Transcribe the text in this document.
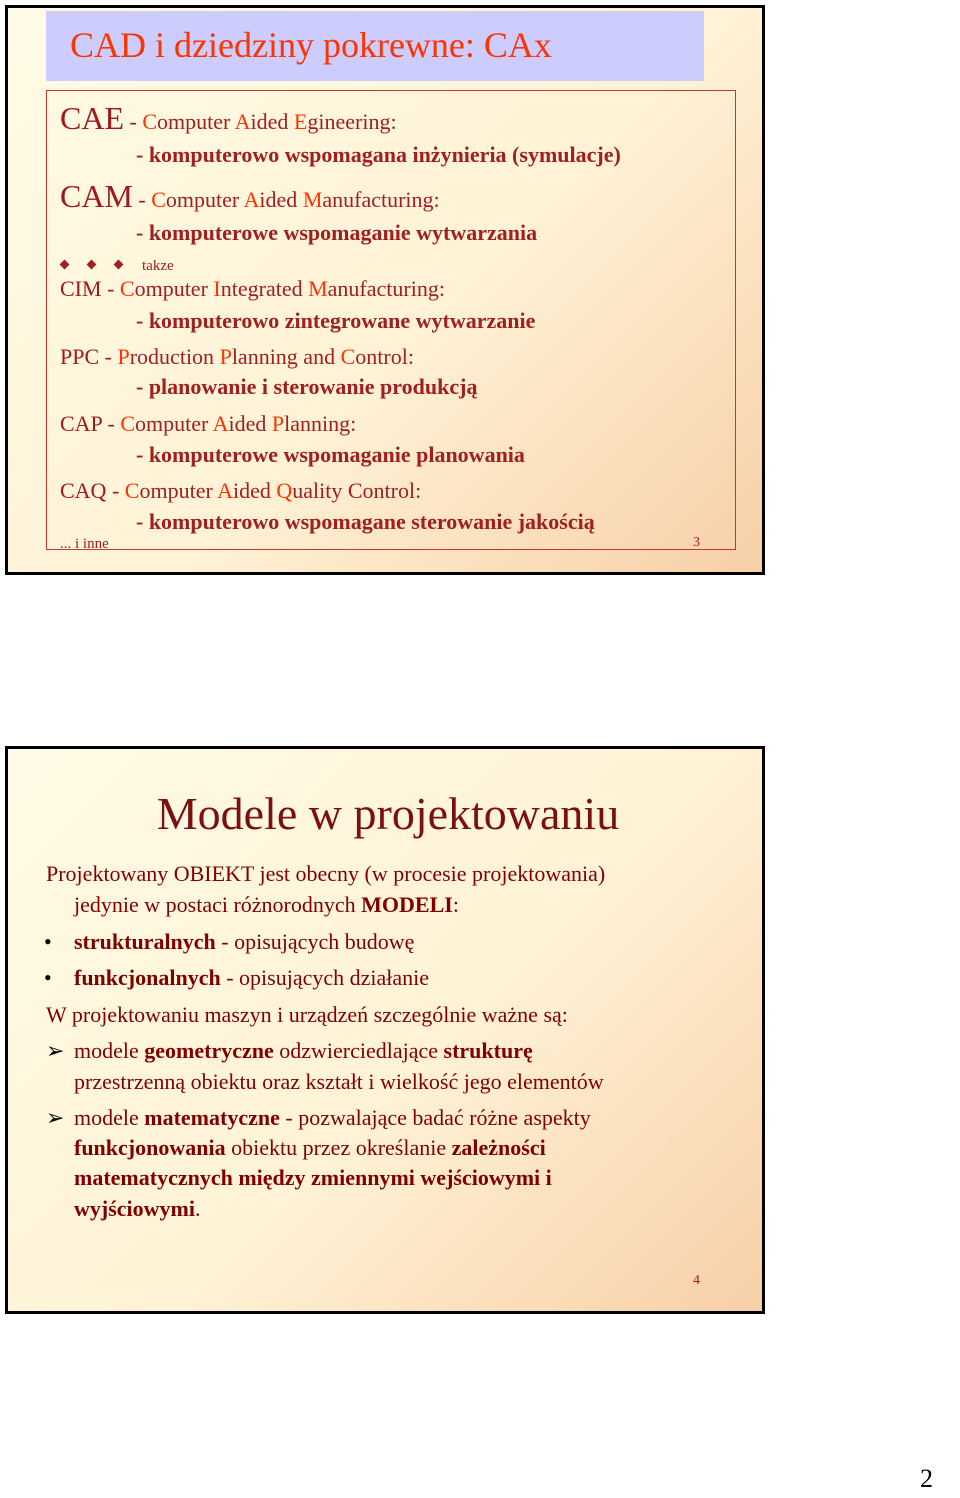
CAD i dziedziny pokrewne: CAx
CAE - Computer Aided Egineering:
- komputerowo wspomagana inżynieria (symulacje)
CAM - Computer Aided Manufacturing:
- komputerowe wspomaganie wytwarzania
takze
CIM - Computer Integrated Manufacturing:
- komputerowo zintegrowane wytwarzanie
PPC - Production Planning and Control:
- planowanie i sterowanie produkcją
CAP - Computer Aided Planning:
- komputerowe wspomaganie planowania
CAQ - Computer Aided Quality Control:
- komputerowo wspomagane sterowanie jakością
... i inne	3
Modele w projektowaniu
Projektowany OBIEKT jest obecny (w procesie projektowania)
jedynie w postaci różnorodnych MODELI:
• strukturalnych - opisujących budowę
• funkcjonalnych - opisujących działanie
W projektowaniu maszyn i urządzeń szczególnie ważne są:
➢ modele geometryczne odzwierciedlające strukturę
przestrzenną obiektu oraz kształt i wielkość jego elementów
➢ modele matematyczne - pozwalające badać różne aspekty
funkcjonowania obiektu przez określanie zależności
matematycznych między zmiennymi wejściowymi i
wyjściowymi.
4
2
